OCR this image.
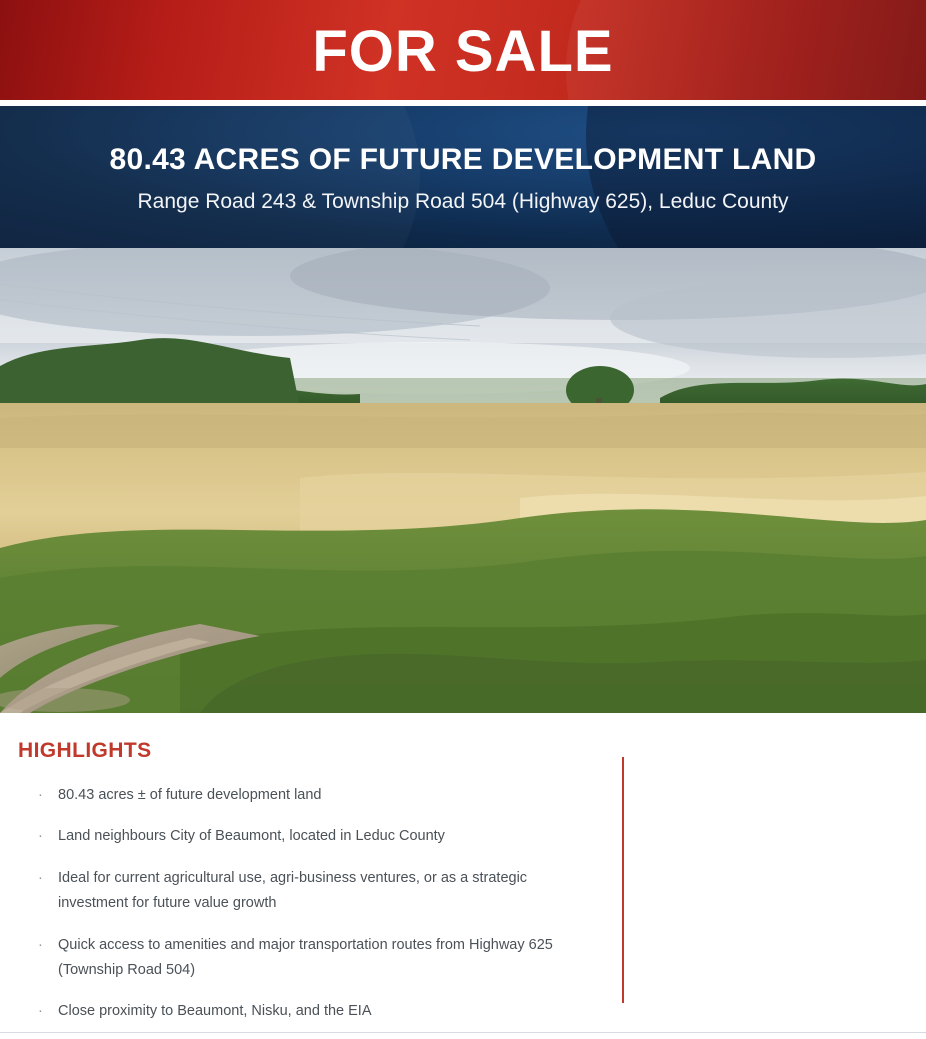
FOR SALE
80.43 ACRES OF FUTURE DEVELOPMENT LAND
Range Road 243 & Township Road 504 (Highway 625), Leduc County
HIGHLIGHTS
· 80.43 acres ± of future development land
· Land neighbours City of Beaumont, located in Leduc County
· Ideal for current agricultural use, agri-business ventures, or as a strategic investment for future value growth
· Quick access to amenities and major transportation routes from Highway 625 (Township Road 504)
· Close proximity to Beaumont, Nisku, and the EIA
